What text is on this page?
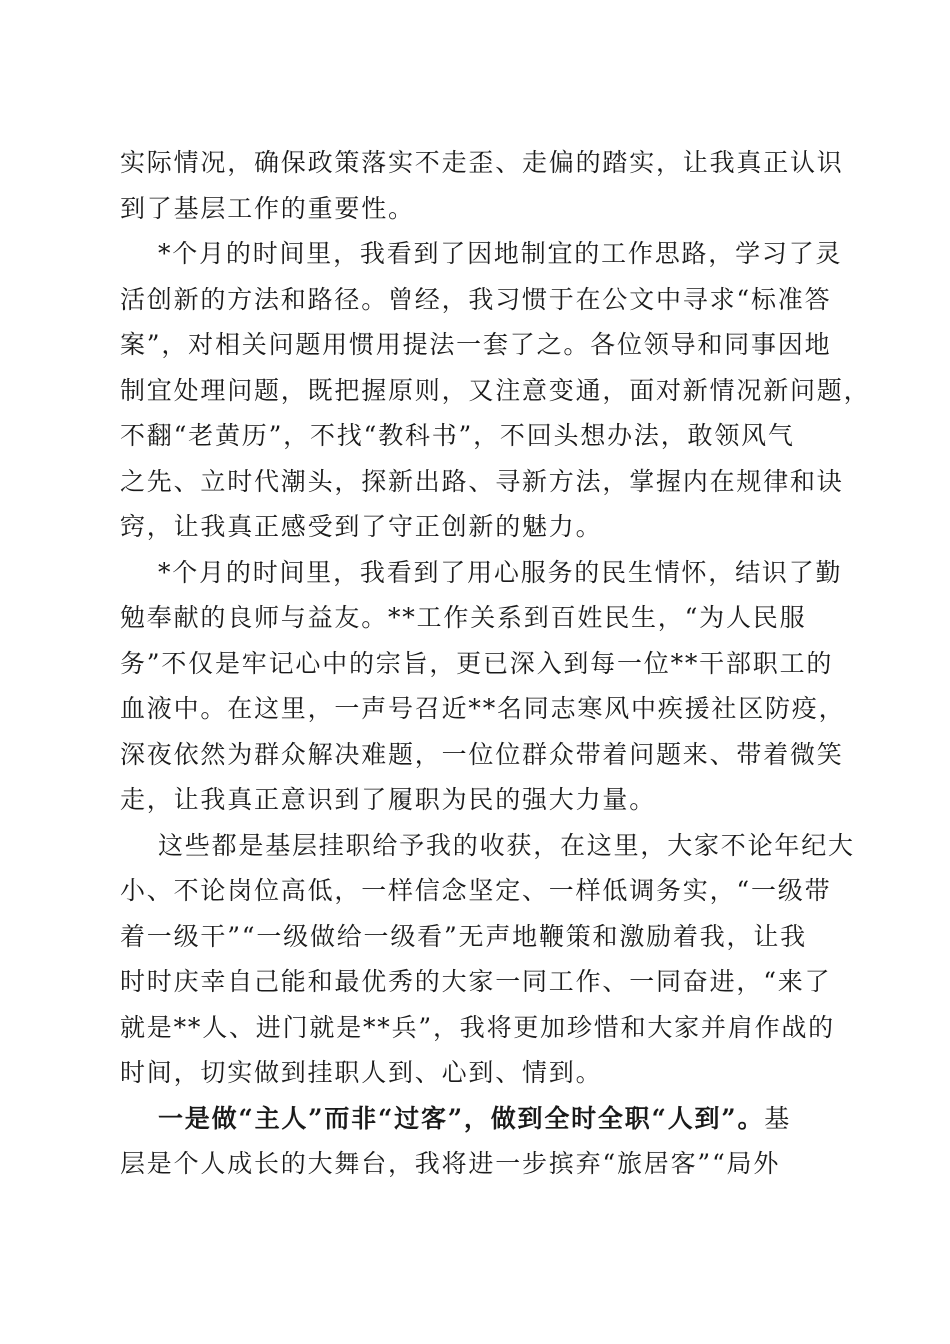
实际情况，确保政策落实不走歪、走偏的踏实，让我真正认识
到了基层工作的重要性。
*个月的时间里，我看到了因地制宜的工作思路，学习了灵
活创新的方法和路径。曾经，我习惯于在公文中寻求“标准答
案”，对相关问题用惯用提法一套了之。各位领导和同事因地
制宜处理问题，既把握原则，又注意变通，面对新情况新问题，
不翻“老黄历”，不找“教科书”，不回头想办法，敢领风气
之先、立时代潮头，探新出路、寻新方法，掌握内在规律和诀
窍，让我真正感受到了守正创新的魅力。
*个月的时间里，我看到了用心服务的民生情怀，结识了勤
勉奉献的良师与益友。**工作关系到百姓民生，“为人民服
务”不仅是牢记心中的宗旨，更已深入到每一位**干部职工的
血液中。在这里，一声号召近**名同志寒风中疾援社区防疫，
深夜依然为群众解决难题，一位位群众带着问题来、带着微笑
走，让我真正意识到了履职为民的强大力量。
这些都是基层挂职给予我的收获，在这里，大家不论年纪大
小、不论岗位高低，一样信念坚定、一样低调务实，“一级带
着一级干”“一级做给一级看”无声地鞭策和激励着我，让我
时时庆幸自己能和最优秀的大家一同工作、一同奋进，“来了
就是**人、进门就是**兵”，我将更加珍惜和大家并肩作战的
时间，切实做到挂职人到、心到、情到。
一是做“主人”而非“过客”，做到全时全职“人到”。基
层是个人成长的大舞台，我将进一步摈弃“旅居客”“局外
